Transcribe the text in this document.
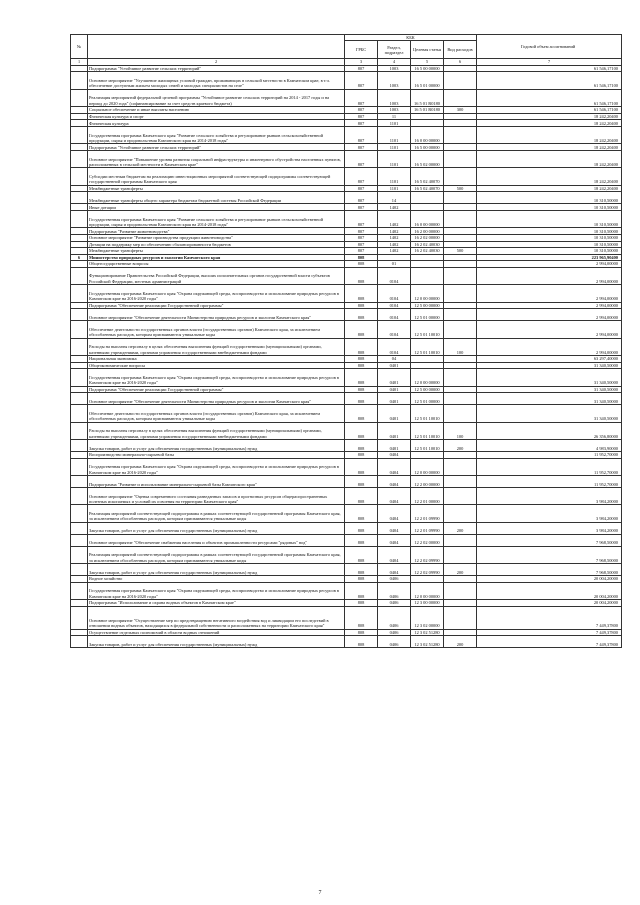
№		КБК				Годовой объем ассигнований
		ГРБС	Раздел, подраздел	Целевая статья	Вид расходов	
1	2	3	4	5	6	7
	Подпрограмма "Устойчивое развитие сельских территорий"	807	1003	16 5 00 00000		61 546,17100
	Основное мероприятие "Улучшение жилищных условий граждан, проживающих в сельской местности в Камчатском крае, в т.ч. обеспечение доступным жильем молодых семей и молодых специалистов на селе"	807	1003	16 5 01 00000		61 546,17100
	Реализация мероприятий федеральной целевой программы "Устойчивое развитие сельских территорий на 2014 - 2017 годы и на период до 2020 года" (софинансирование за счет средств краевого бюджета)	807	1003	16 5 01 R0180		61 546,17100
	Социальное обеспечение и иные выплаты населению	807	1003	16 5 01 R0180	300	61 546,17100
	Физическая культура и спорт	807	11			18 242,20400
	Физическая культура	807	1101			18 242,20400
	Государственная программа Камчатского края "Развитие сельского хозяйства и регулирование рынков сельскохозяйственной продукции, сырья и продовольствия Камчатского края на 2014-2018 годы"	807	1101	16 0 00 00000		18 242,20400
	Подпрограмма "Устойчивое развитие сельских территорий"	807	1101	16 5 00 00000		18 242,20400
	Основное мероприятие "Повышение уровня развития социальной инфраструктуры и инженерного обустройства населенных пунктов, расположенных в сельской местности в Камчатском крае"	807	1101	16 5 02 00000		18 242,20400
	Субсидии местным бюджетам на реализацию инвестиционных мероприятий соответствующей подпрограммы соответствующей государственной программы Камчатского края	807	1101	16 5 02 40070		18 242,20400
	Межбюджетные трансферты	807	1101	16 5 02 40070	500	18 242,20400
	Межбюджетные трансферты общего характера бюджетам бюджетной системы Российской Федерации	807	14			10 310,50000
	Иные дотации	807	1402			10 310,50000
	Государственная программа Камчатского края "Развитие сельского хозяйства и регулирование рынков сельскохозяйственной продукции, сырья и продовольствия Камчатского края на 2014-2018 годы"	807	1402	16 0 00 00000		10 310,50000
	Подпрограмма "Развитие животноводства"	807	1402	16 2 00 00000		10 310,50000
	Основное мероприятие "Развитие производства продукции животноводства"	807	1402	16 2 02 00000		10 310,50000
	Дотации на поддержку мер по обеспечению сбалансированности бюджетов	807	1402	16 2 02 40030		10 310,50000
	Межбюджетные трансферты	807	1402	16 2 02 40030	500	10 310,50000
6	Министерство природных ресурсов и экологии Камчатского края	808				223 965,90400
	Общегосударственные вопросы	808	01			2 994,00000
	Функционирование Правительства Российской Федерации, высших исполнительных органов государственной власти субъектов Российской Федерации, местных администраций	808	0104			2 994,00000
	Государственная программа Камчатского края "Охрана окружающей среды, воспроизводство и использование природных ресурсов в Камчатском крае на 2016-2020 годы"	808	0104	12 0 00 00000		2 994,00000
	Подпрограмма "Обеспечение реализации Государственной программы"	808	0104	12 5 00 00000		2 994,00000
	Основное мероприятие "Обеспечение деятельности Министерства природных ресурсов и экологии Камчатского края"	808	0104	12 5 01 00000		2 994,00000
	Обеспечение деятельности государственных органов власти (государственных органов) Камчатского края, за исключением обособленных расходов, которым присваиваются уникальные коды	808	0104	12 5 01 10010		2 994,00000
	Расходы на выплаты персоналу в целях обеспечения выполнения функций государственными (муниципальными) органами, казенными учреждениями, органами управления государственными внебюджетными фондами	808	0104	12 5 01 10010	100	2 994,00000
	Национальная экономика	808	04			63 297,40000
	Общеэкономические вопросы	808	0401			31 340,50000
	Государственная программа Камчатского края "Охрана окружающей среды, воспроизводство и использование природных ресурсов в Камчатском крае на 2016-2020 годы"	808	0401	12 0 00 00000		31 340,50000
	Подпрограмма "Обеспечение реализации Государственной программы"	808	0401	12 5 00 00000		31 340,50000
	Основное мероприятие "Обеспечение деятельности Министерства природных ресурсов и экологии Камчатского края"	808	0401	12 5 01 00000		31 340,50000
	Обеспечение деятельности государственных органов власти (государственных органов) Камчатского края, за исключением обособленных расходов, которым присваиваются уникальные коды	808	0401	12 5 01 10010		31 340,50000
	Расходы на выплаты персоналу в целях обеспечения выполнения функций государственными (муниципальными) органами, казенными учреждениями, органами управления государственными внебюджетными фондами	808	0401	12 5 01 10010	100	26 356,80000
	Закупка товаров, работ и услуг для обеспечения государственных (муниципальных) нужд	808	0401	12 5 01 10010	200	4 983,90000
	Воспроизводство минерально-сырьевой базы	808	0404			11 952,70000
	Государственная программа Камчатского края "Охрана окружающей среды, воспроизводство и использование природных ресурсов в Камчатском крае на 2016-2020 годы"	808	0404	12 0 00 00000		11 952,70000
	Подпрограмма "Развитие и использование минерально-сырьевой базы Камчатского края"	808	0404	12 2 00 00000		11 952,70000
	Основное мероприятие "Оценка современного состояния разведанных запасов и прогнозных ресурсов общераспространенных полезных ископаемых и условий их освоения на территории Камчатского края"	808	0404	12 2 01 00000		3 984,20000
	Реализация мероприятий соответствующей подпрограммы в рамках соответствующей государственной программы Камчатского края, за исключением обособленных расходов, которым присваиваются уникальные коды	808	0404	12 2 01 09990		3 984,20000
	Закупка товаров, работ и услуг для обеспечения государственных (муниципальных) нужд	808	0404	12 2 01 09990	200	3 984,20000
	Основное мероприятие "Обеспечение снабжения населения и объектов промышленности ресурсами "рядовых" вод"	808	0404	12 2 02 00000		7 968,50000
	Реализация мероприятий соответствующей подпрограммы в рамках соответствующей государственной программы Камчатского края, за исключением обособленных расходов, которым присваиваются уникальные коды	808	0404	12 2 02 09990		7 968,50000
	Закупка товаров, работ и услуг для обеспечения государственных (муниципальных) нужд	808	0404	12 2 02 09990	200	7 968,50000
	Водное хозяйство	808	0406			20 004,20000
	Государственная программа Камчатского края "Охрана окружающей среды, воспроизводство и использование природных ресурсов в Камчатском крае на 2016-2020 годы"	808	0406	12 0 00 00000		20 004,20000
	Подпрограмма "Использование и охрана водных объектов в Камчатском крае"	808	0406	12 3 00 00000		20 004,20000
	Основное мероприятие "Осуществление мер по предотвращению негативного воздействия вод и ликвидации его последствий в отношении водных объектов, находящихся в федеральной собственности и расположенных на территории Камчатского края"	808	0406	12 3 02 00000		7 449,37800
	Осуществление отдельных полномочий в области водных отношений	808	0406	12 3 02 51280		7 449,37800
	Закупка товаров, работ и услуг для обеспечения государственных (муниципальных) нужд	808	0406	12 3 02 51280	200	7 449,37800
7
